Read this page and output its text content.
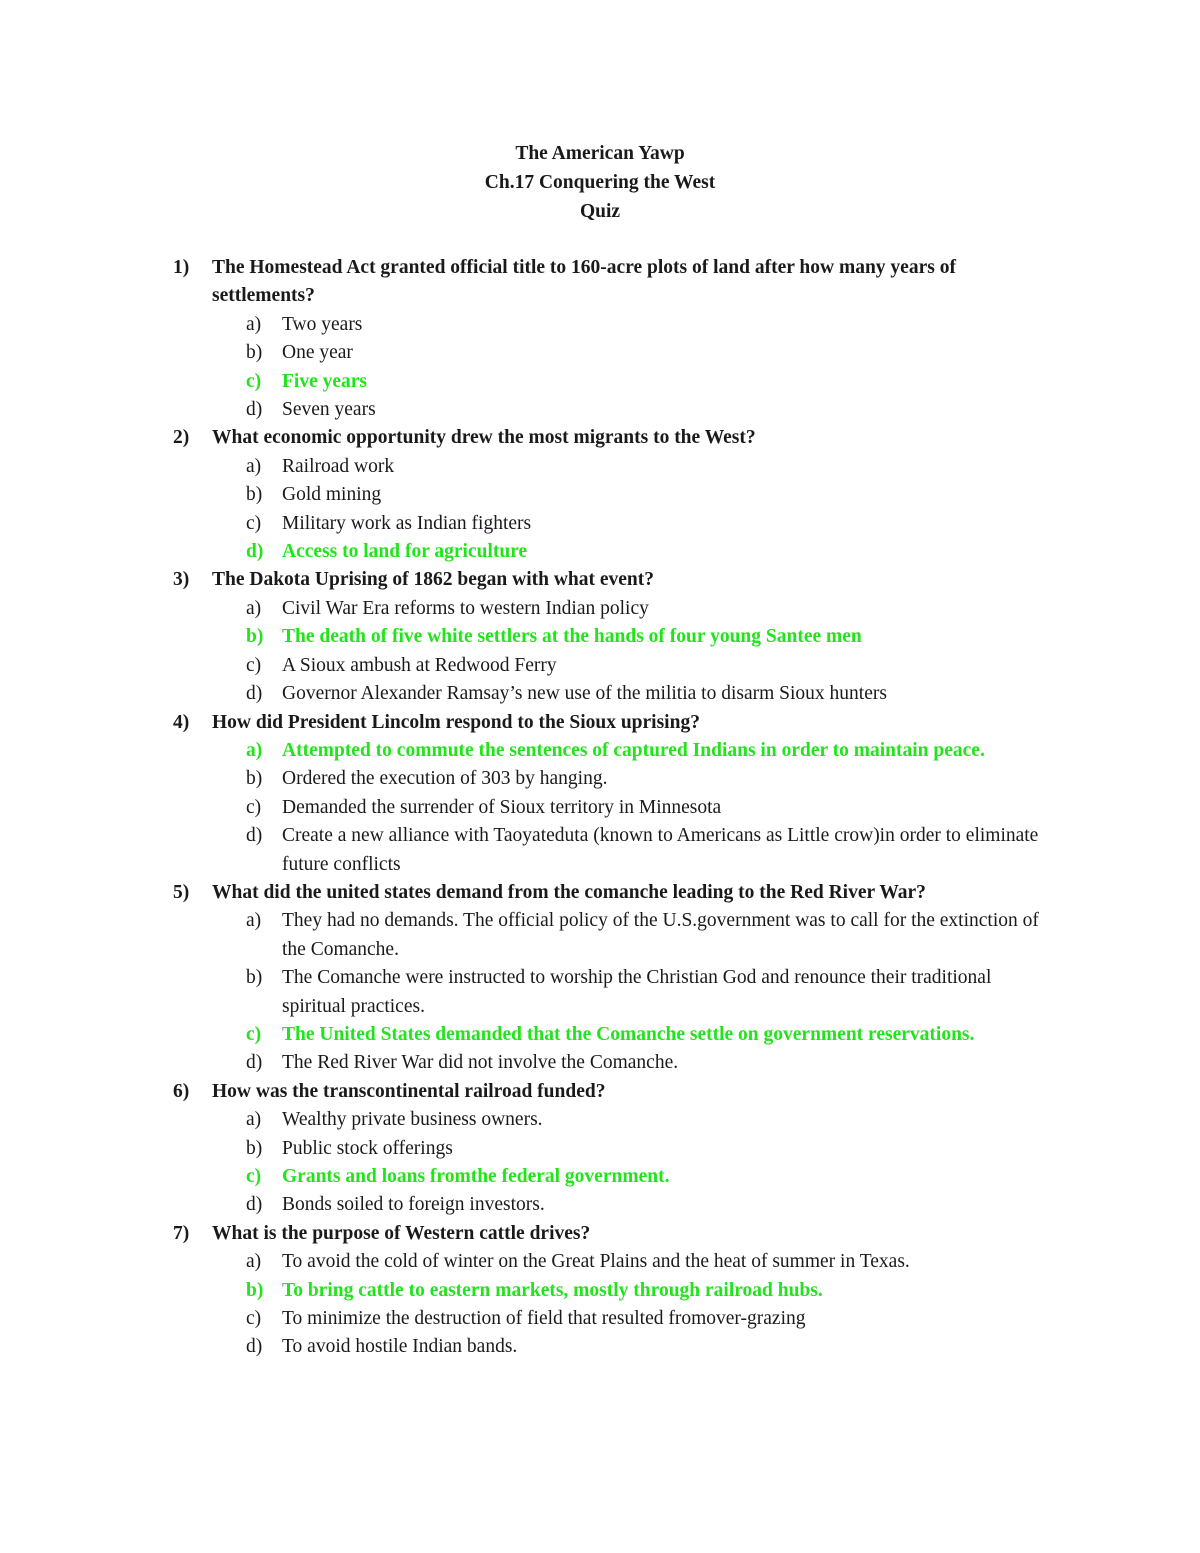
The American Yawp
Ch.17 Conquering the West
Quiz
1) The Homestead Act granted official title to 160-acre plots of land after how many years of settlements?
a) Two years
b) One year
c) Five years
d) Seven years
2) What economic opportunity drew the most migrants to the West?
a) Railroad work
b) Gold mining
c) Military work as Indian fighters
d) Access to land for agriculture
3) The Dakota Uprising of 1862 began with what event?
a) Civil War Era reforms to western Indian policy
b) The death of five white settlers at the hands of four young Santee men
c) A Sioux ambush at Redwood Ferry
d) Governor Alexander Ramsay’s new use of the militia to disarm Sioux hunters
4) How did President Lincolm respond to the Sioux uprising?
a) Attempted to commute the sentences of captured Indians in order to maintain peace.
b) Ordered the execution of 303 by hanging.
c) Demanded the surrender of Sioux territory in Minnesota
d) Create a new alliance with Taoyateduta (known to Americans as Little crow)in order to eliminate future conflicts
5) What did the united states demand from the comanche leading to the Red River War?
a) They had no demands. The official policy of the U.S.government was to call for the extinction of the Comanche.
b) The Comanche were instructed to worship the Christian God and renounce their traditional spiritual practices.
c) The United States demanded that the Comanche settle on government reservations.
d) The Red River War did not involve the Comanche.
6) How was the transcontinental railroad funded?
a) Wealthy private business owners.
b) Public stock offerings
c) Grants and loans fromthe federal government.
d) Bonds soiled to foreign investors.
7) What is the purpose of Western cattle drives?
a) To avoid the cold of winter on the Great Plains and the heat of summer in Texas.
b) To bring cattle to eastern markets, mostly through railroad hubs.
c) To minimize the destruction of field that resulted fromover-grazing
d) To avoid hostile Indian bands.
